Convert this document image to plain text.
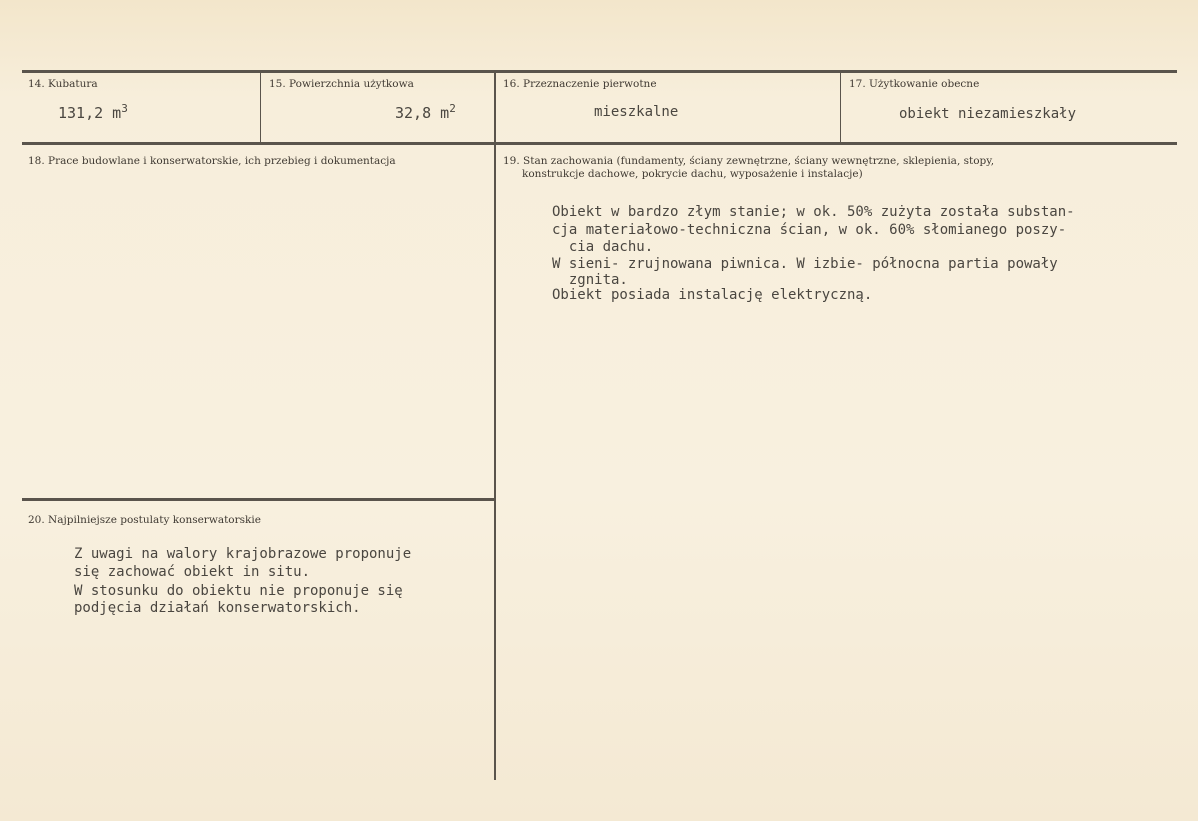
14. Kubatura
131,2 $m^3$
15. Powierzchnia użytkowa
32,8 $m^2$
16. Przeznaczenie pierwotne
mieszkalne
17. Użytkowanie obecne
obiekt niezamieszkały
18. Prace budowlane i konserwatorskie, ich przebieg i dokumentacja	19. Stan zachowania (fundamenty, ściany zewnętrzne, ściany wewnętrzne, sklepienia, stopy,
konstrukcje dachowe, pokrycie dachu, wyposażenie i instalacje)
Obiekt w bardzo złym stanie; w ok. 50% zużyta została substan-
cja materiałowo-techniczna ścian, w ok. 60% słomianego poszy-
cia dachu.
W sieni- zrujnowana piwnica. W izbie- północna partia powały
zgnita.
Obiekt posiada instalację elektryczną.
20. Najpilniejsze postulaty konserwatorskie
Z uwagi na walory krajobrazowe proponuje
się zachować obiekt in situ.
W stosunku do obiektu nie proponuje się
podjęcia działań konserwatorskich.
